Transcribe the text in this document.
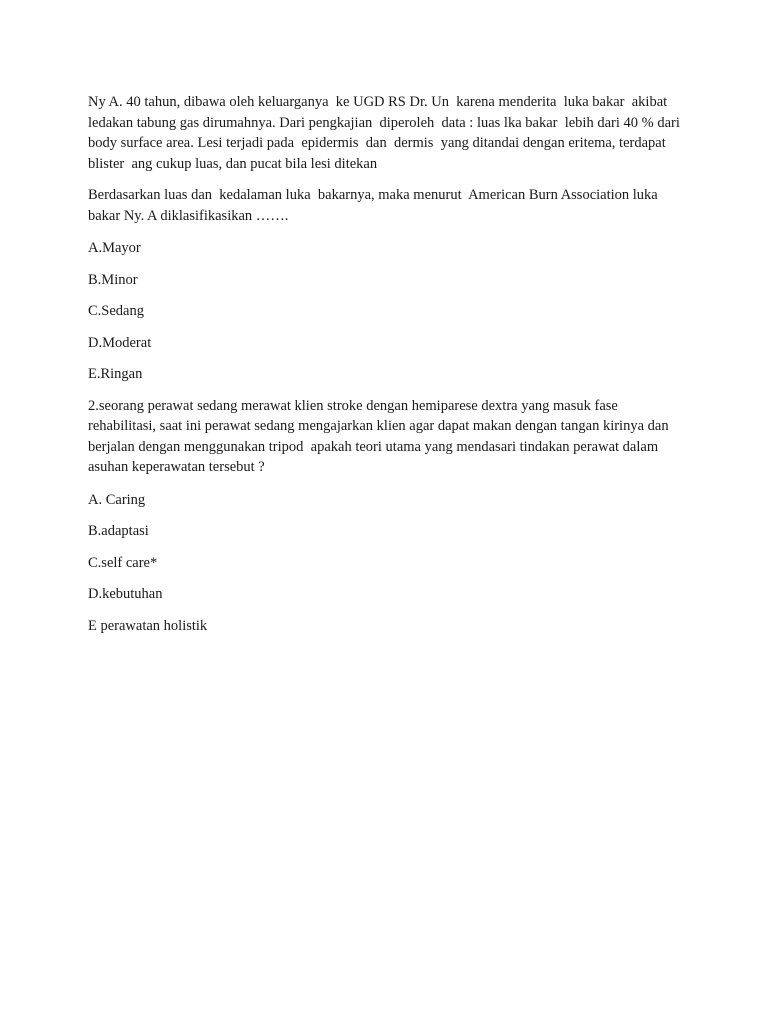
Ny A. 40 tahun, dibawa oleh keluarganya  ke UGD RS Dr. Un  karena menderita  luka bakar  akibat ledakan tabung gas dirumahnya. Dari pengkajian  diperoleh  data : luas lka bakar  lebih dari 40 % dari body surface area. Lesi terjadi pada  epidermis  dan  dermis  yang ditandai dengan eritema, terdapat blister  ang cukup luas, dan pucat bila lesi ditekan

Berdasarkan luas dan  kedalaman luka  bakarnya, maka menurut  American Burn Association luka bakar Ny. A diklasifikasikan …….

A.Mayor

B.Minor

C.Sedang

D.Moderat

E.Ringan

2.seorang perawat sedang merawat klien stroke dengan hemiparese dextra yang masuk fase rehabilitasi, saat ini perawat sedang mengajarkan klien agar dapat makan dengan tangan kirinya dan berjalan dengan menggunakan tripod  apakah teori utama yang mendasari tindakan perawat dalam asuhan keperawatan tersebut ?

A. Caring

B.adaptasi

C.self care*

D.kebutuhan

E perawatan holistik
